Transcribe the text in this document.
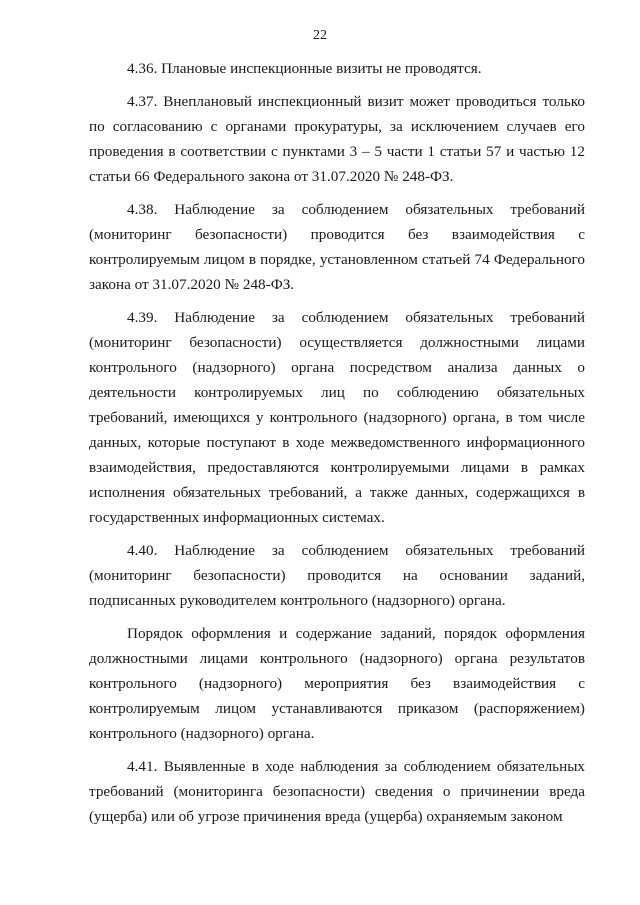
22

4.36. Плановые инспекционные визиты не проводятся.

4.37. Внеплановый инспекционный визит может проводиться только по согласованию с органами прокуратуры, за исключением случаев его проведения в соответствии с пунктами 3 – 5 части 1 статьи 57 и частью 12 статьи 66 Федерального закона от 31.07.2020 № 248-ФЗ.

4.38. Наблюдение за соблюдением обязательных требований (мониторинг безопасности) проводится без взаимодействия с контролируемым лицом в порядке, установленном статьей 74 Федерального закона от 31.07.2020 № 248-ФЗ.

4.39. Наблюдение за соблюдением обязательных требований (мониторинг безопасности) осуществляется должностными лицами контрольного (надзорного) органа посредством анализа данных о деятельности контролируемых лиц по соблюдению обязательных требований, имеющихся у контрольного (надзорного) органа, в том числе данных, которые поступают в ходе межведомственного информационного взаимодействия, предоставляются контролируемыми лицами в рамках исполнения обязательных требований, а также данных, содержащихся в государственных информационных системах.

4.40. Наблюдение за соблюдением обязательных требований (мониторинг безопасности) проводится на основании заданий, подписанных руководителем контрольного (надзорного) органа.

Порядок оформления и содержание заданий, порядок оформления должностными лицами контрольного (надзорного) органа результатов контрольного (надзорного) мероприятия без взаимодействия с контролируемым лицом устанавливаются приказом (распоряжением) контрольного (надзорного) органа.

4.41. Выявленные в ходе наблюдения за соблюдением обязательных требований (мониторинга безопасности) сведения о причинении вреда (ущерба) или об угрозе причинения вреда (ущерба) охраняемым законом
